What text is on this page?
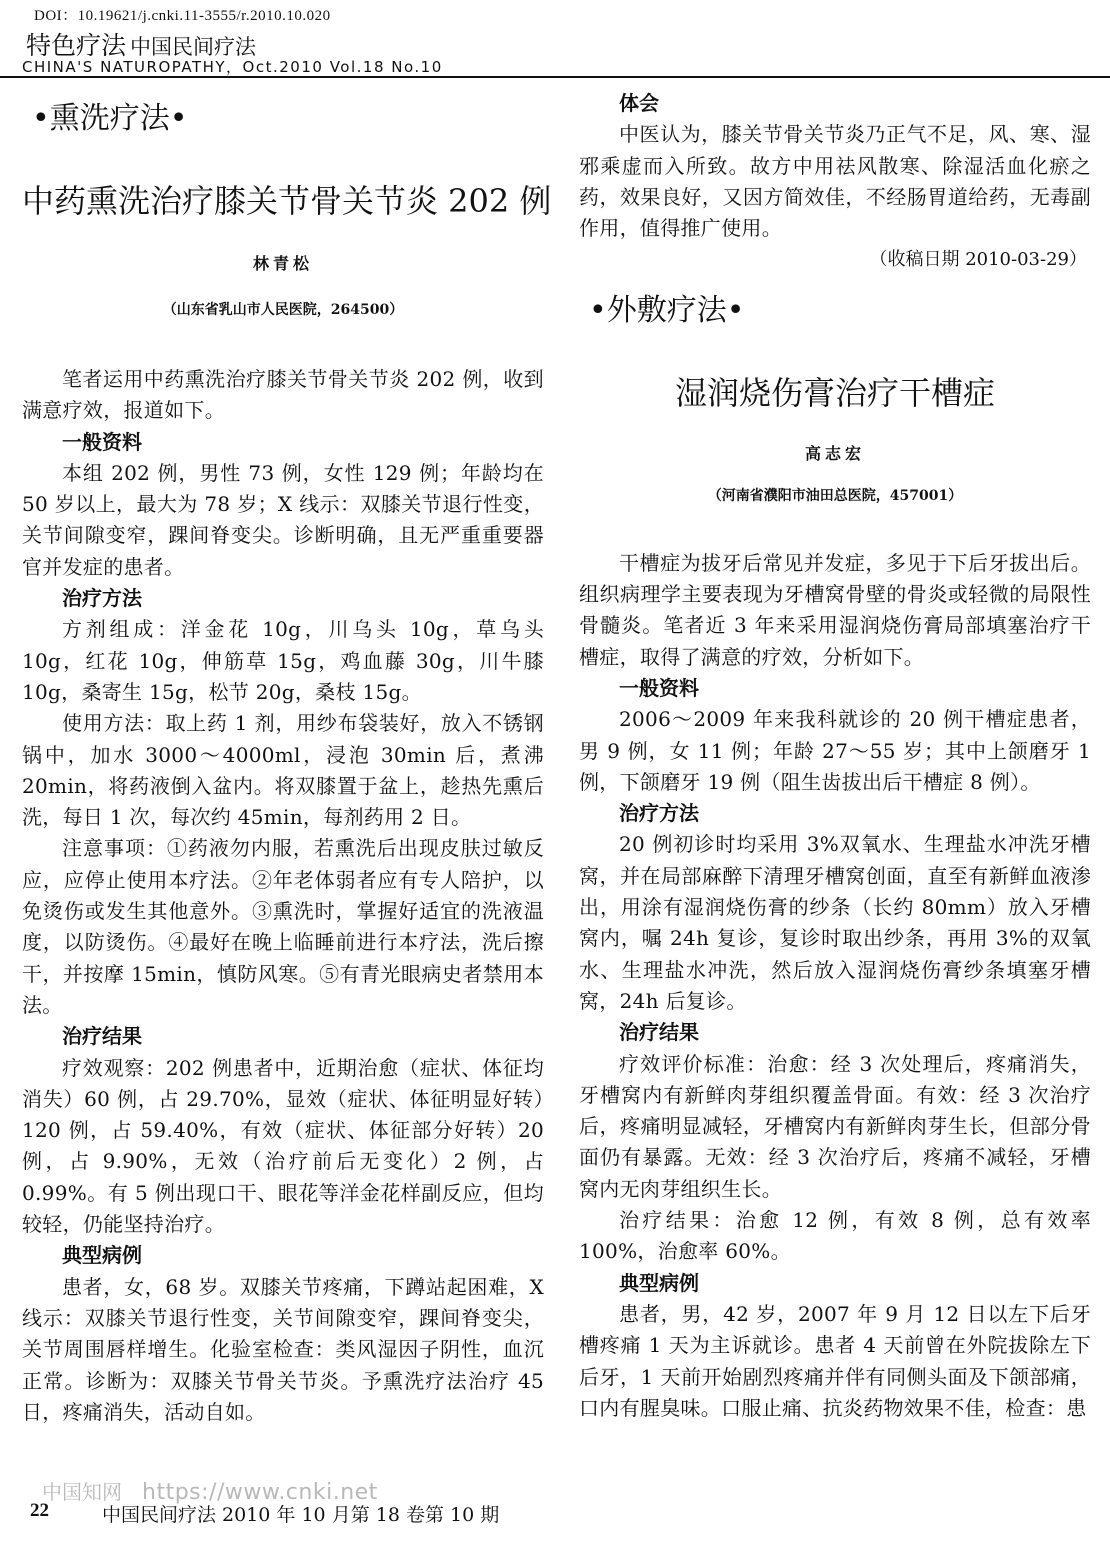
DOI：10.19621/j.cnki.11-3555/r.2010.10.020
特色疗法 中国民间疗法
CHINA'S NATUROPATHY，Oct.2010 Vol.18 No.10
•熏洗疗法•
中药熏洗治疗膝关节骨关节炎 202 例
林青松
（山东省乳山市人民医院，264500）

笔者运用中药熏洗治疗膝关节骨关节炎 202 例，收到满意疗效，报道如下。

一般资料

本组 202 例，男性 73 例，女性 129 例；年龄均在 50 岁以上，最大为 78 岁；X 线示：双膝关节退行性变，关节间隙变窄，踝间脊变尖。诊断明确，且无严重重要器官并发症的患者。

治疗方法

方剂组成：洋金花 10g，川乌头 10g，草乌头 10g，红花 10g，伸筋草 15g，鸡血藤 30g，川牛膝 10g，桑寄生 15g，松节 20g，桑枝 15g。

使用方法：取上药 1 剂，用纱布袋装好，放入不锈钢锅中，加水 3000～4000ml，浸泡 30min 后，煮沸 20min，将药液倒入盆内。将双膝置于盆上，趁热先熏后洗，每日 1 次，每次约 45min，每剂药用 2 日。

注意事项：①药液勿内服，若熏洗后出现皮肤过敏反应，应停止使用本疗法。②年老体弱者应有专人陪护，以免烫伤或发生其他意外。③熏洗时，掌握好适宜的洗液温度，以防烫伤。④最好在晚上临睡前进行本疗法，洗后擦干，并按摩 15min，慎防风寒。⑤有青光眼病史者禁用本法。

治疗结果

疗效观察：202 例患者中，近期治愈（症状、体征均消失）60 例，占 29.70%，显效（症状、体征明显好转）120 例，占 59.40%，有效（症状、体征部分好转）20 例，占 9.90%，无效（治疗前后无变化）2 例，占 0.99%。有 5 例出现口干、眼花等洋金花样副反应，但均较轻，仍能坚持治疗。

典型病例

患者，女，68 岁。双膝关节疼痛，下蹲站起困难，X 线示：双膝关节退行性变，关节间隙变窄，踝间脊变尖，关节周围唇样增生。化验室检查：类风湿因子阴性，血沉正常。诊断为：双膝关节骨关节炎。予熏洗疗法治疗 45 日，疼痛消失，活动自如。

体会

中医认为，膝关节骨关节炎乃正气不足，风、寒、湿邪乘虚而入所致。故方中用祛风散寒、除湿活血化瘀之药，效果良好，又因方简效佳，不经肠胃道给药，无毒副作用，值得推广使用。

（收稿日期 2010-03-29）
•外敷疗法•
湿润烧伤膏治疗干槽症
高志宏
（河南省濮阳市油田总医院，457001）

干槽症为拔牙后常见并发症，多见于下后牙拔出后。组织病理学主要表现为牙槽窝骨壁的骨炎或轻微的局限性骨髓炎。笔者近 3 年来采用湿润烧伤膏局部填塞治疗干槽症，取得了满意的疗效，分析如下。

一般资料

2006～2009 年来我科就诊的 20 例干槽症患者，男 9 例，女 11 例；年龄 27～55 岁；其中上颌磨牙 1 例，下颌磨牙 19 例（阻生齿拔出后干槽症 8 例）。

治疗方法

20 例初诊时均采用 3%双氧水、生理盐水冲洗牙槽窝，并在局部麻醉下清理牙槽窝创面，直至有新鲜血液渗出，用涂有湿润烧伤膏的纱条（长约 80mm）放入牙槽窝内，嘱 24h 复诊，复诊时取出纱条，再用 3%的双氧水、生理盐水冲洗，然后放入湿润烧伤膏纱条填塞牙槽窝，24h 后复诊。

治疗结果

疗效评价标准：治愈：经 3 次处理后，疼痛消失，牙槽窝内有新鲜肉芽组织覆盖骨面。有效：经 3 次治疗后，疼痛明显减轻，牙槽窝内有新鲜肉芽生长，但部分骨面仍有暴露。无效：经 3 次治疗后，疼痛不减轻，牙槽窝内无肉芽组织生长。

治疗结果：治愈 12 例，有效 8 例，总有效率 100%，治愈率 60%。

典型病例

患者，男，42 岁，2007 年 9 月 12 日以左下后牙槽疼痛 1 天为主诉就诊。患者 4 天前曾在外院拔除左下后牙，1 天前开始剧烈疼痛并伴有同侧头面及下颌部痛，口内有腥臭味。口服止痛、抗炎药物效果不佳，检查：患

中国知网 https://www.cnki.net
22	中国民间疗法 2010 年 10 月第 18 卷第 10 期
